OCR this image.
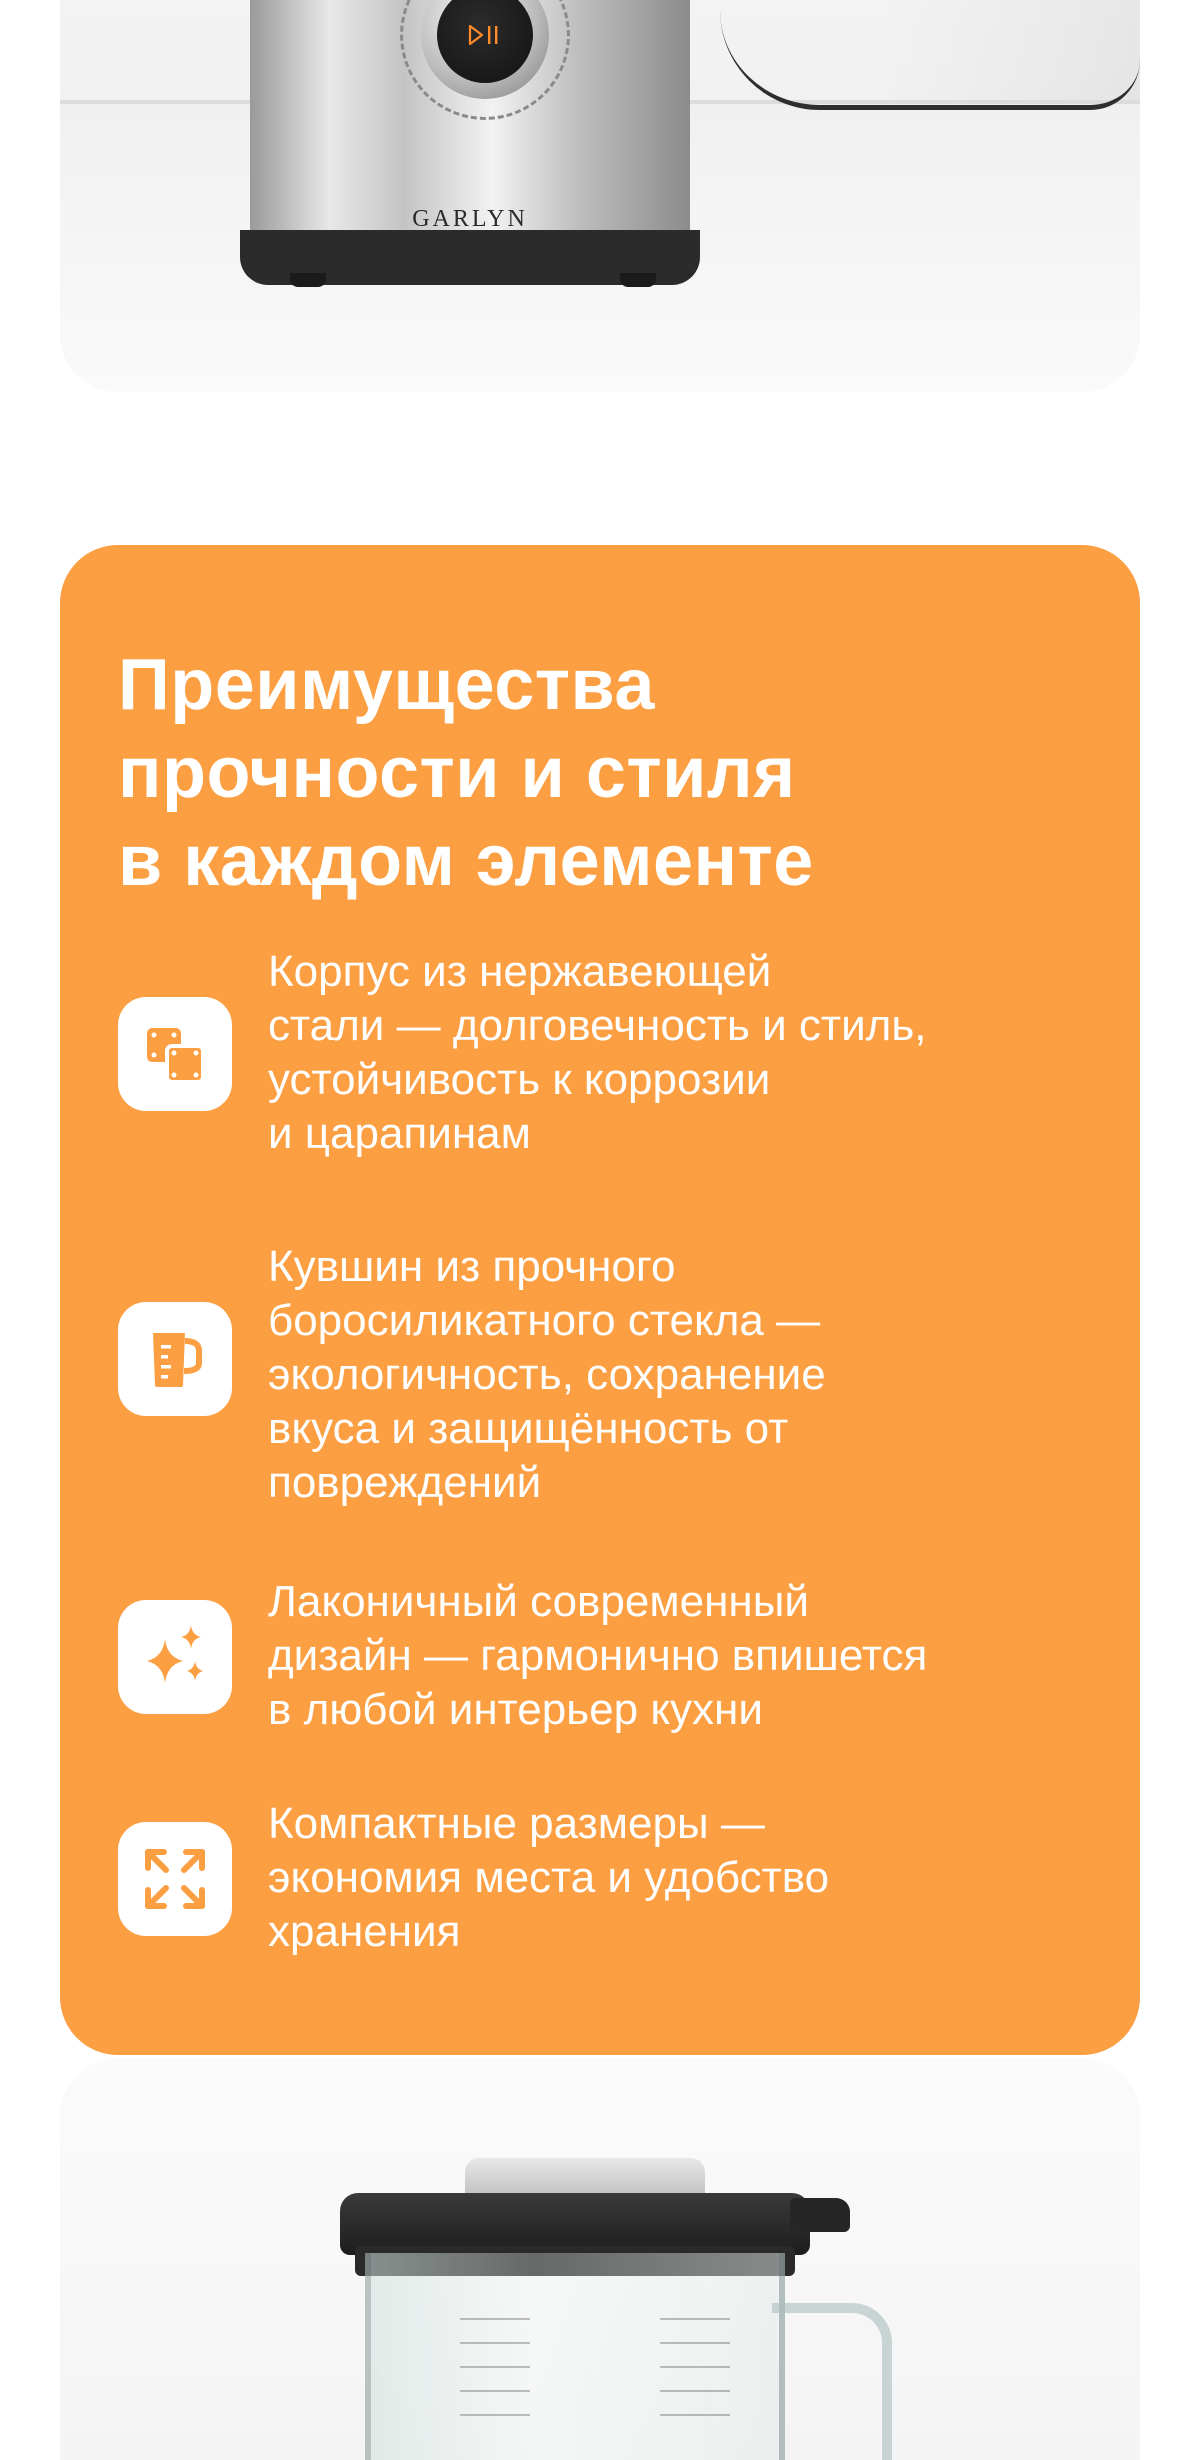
GARLYN
Преимущества
прочности и стиля
в каждом элементе

Корпус из нержавеющей
стали — долговечность и стиль,
устойчивость к коррозии
и царапинам

Кувшин из прочного
боросиликатного стекла —
экологичность, сохранение
вкуса и защищённость от
повреждений

Лаконичный современный
дизайн — гармонично впишется
в любой интерьер кухни

Компактные размеры —
экономия места и удобство
хранения
